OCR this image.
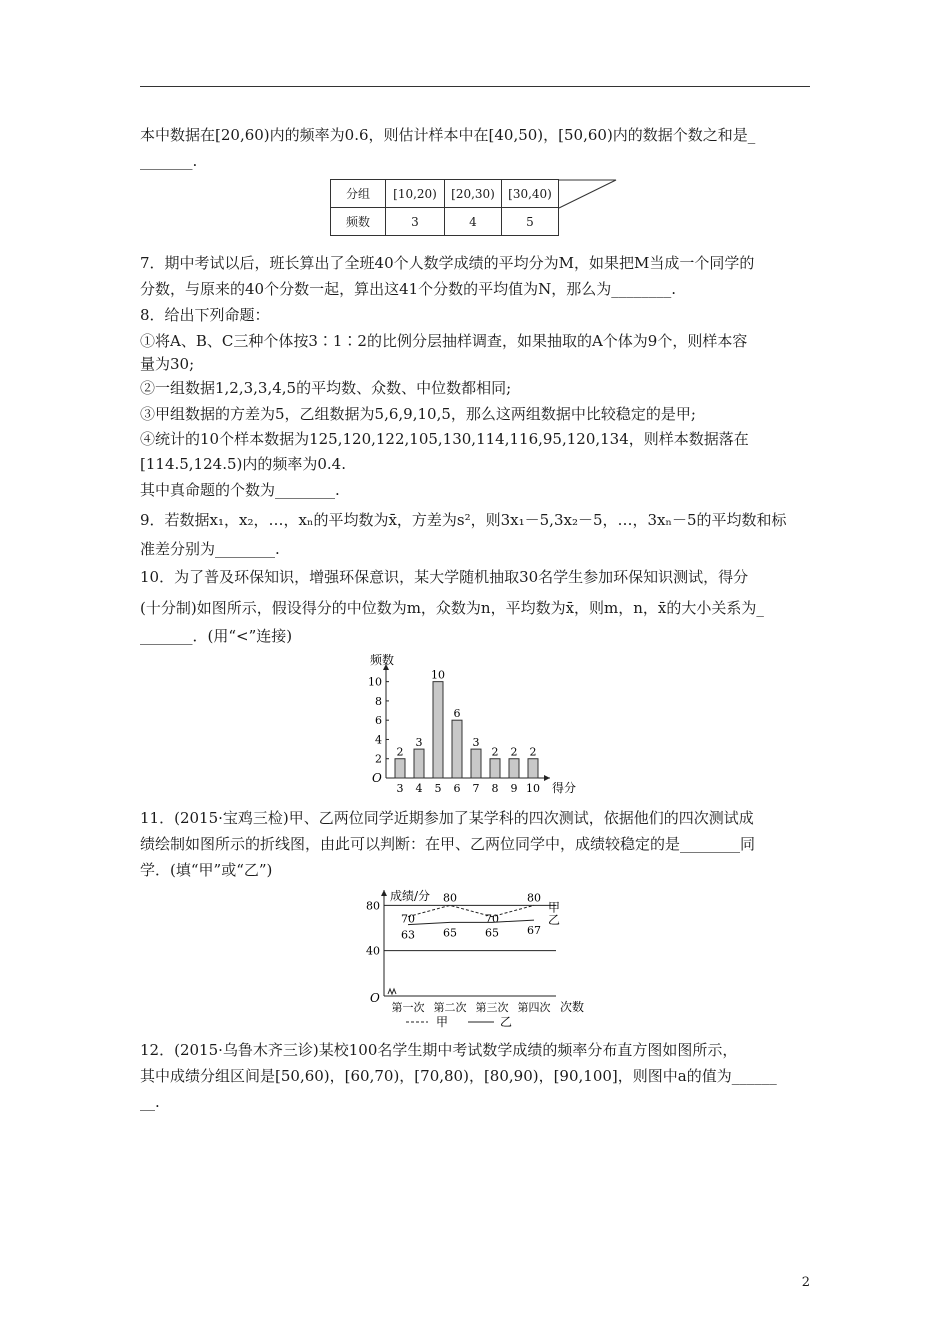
本中数据在[20,60)内的频率为0.6，则估计样本中在[40,50)，[50,60)内的数据个数之和是_
_______.
分组	[10,20)	[20,30)	[30,40)
频数	3	4	5
7．期中考试以后，班长算出了全班40个人数学成绩的平均分为M，如果把M当成一个同学的
分数，与原来的40个分数一起，算出这41个分数的平均值为N，那么为________.
8．给出下列命题：
①将A、B、C三种个体按3∶1∶2的比例分层抽样调查，如果抽取的A个体为9个，则样本容
量为30;
②一组数据1,2,3,3,4,5的平均数、众数、中位数都相同;
③甲组数据的方差为5，乙组数据为5,6,9,10,5，那么这两组数据中比较稳定的是甲;
④统计的10个样本数据为125,120,122,105,130,114,116,95,120,134，则样本数据落在
[114.5,124.5)内的频率为0.4.
其中真命题的个数为________.
9．若数据x₁，x₂，…，xₙ的平均数为x̄，方差为s²，则3x₁－5,3x₂－5，…，3xₙ－5的平均数和标
准差分别为________.
10．为了普及环保知识，增强环保意识，某大学随机抽取30名学生参加环保知识测试，得分
(十分制)如图所示，假设得分的中位数为m，众数为n，平均数为x̄，则m，n，x̄的大小关系为_
_______．(用“<”连接)
频数
得分
O
2
4
6
8
10
2
3
3
4
10
5
6
6
3
7
2
8
2
9
2
10
11．(2015·宝鸡三检)甲、乙两位同学近期参加了某学科的四次测试，依据他们的四次测试成
绩绘制如图所示的折线图，由此可以判断：在甲、乙两位同学中，成绩较稳定的是________同
学．(填“甲”或“乙”)
成绩/分
次数
O
40
80
第一次 第二次 第三次 第四次
70
80
70
80
甲
63	65	65	67
乙
甲	乙
12．(2015·乌鲁木齐三诊)某校100名学生期中考试数学成绩的频率分布直方图如图所示，
其中成绩分组区间是[50,60)，[60,70)，[70,80)，[80,90)，[90,100]，则图中a的值为______
__.
2
